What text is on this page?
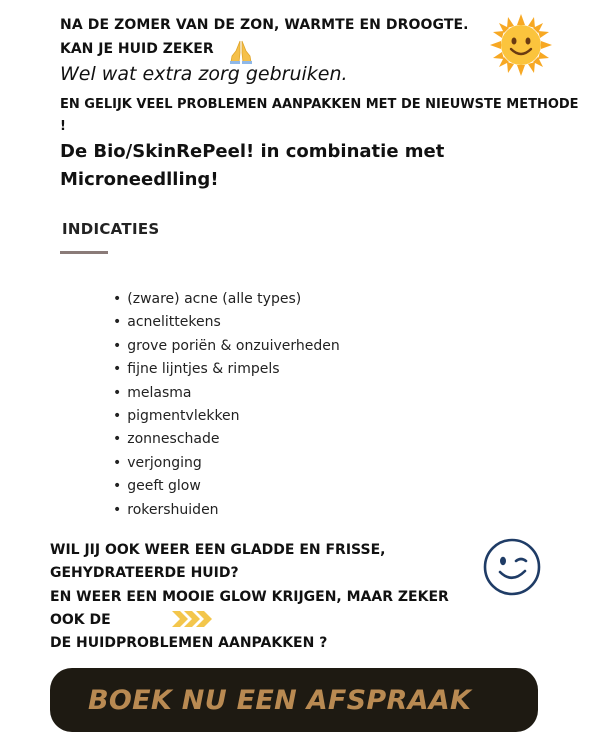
NA DE ZOMER VAN DE ZON, WARMTE EN DROOGTE.
KAN JE HUID ZEKER
Wel wat extra zorg gebruiken.
EN GELIJK VEEL PROBLEMEN AANPAKKEN MET DE NIEUWSTE METHODE !
De Bio/SkinRePeel! in combinatie met Microneedlling!
INDICATIES
• (zware) acne (alle types)
• acnelittekens
• grove poriën & onzuiverheden
• fijne lijntjes & rimpels
• melasma
• pigmentvlekken
• zonneschade
• verjonging
• geeft glow
• rokershuiden
WIL JIJ OOK WEER EEN GLADDE EN FRISSE,
GEHYDRATEERDE HUID?
EN WEER EEN MOOIE GLOW KRIJGEN, MAAR ZEKER
OOK DE
DE HUIDPROBLEMEN AANPAKKEN ?
BOEK NU EEN AFSPRAAK
